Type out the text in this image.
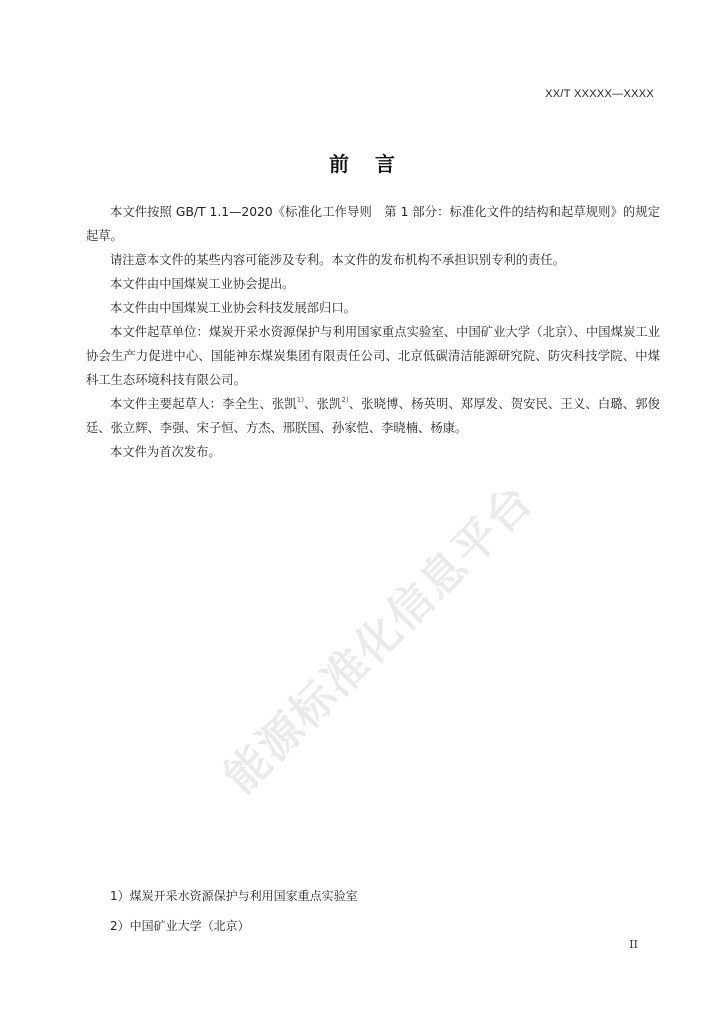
XX/T XXXXX—XXXX
前言

本文件按照 GB/T 1.1—2020《标准化工作导则　第 1 部分：标准化文件的结构和起草规则》的规定起草。

请注意本文件的某些内容可能涉及专利。本文件的发布机构不承担识别专利的责任。

本文件由中国煤炭工业协会提出。

本文件由中国煤炭工业协会科技发展部归口。

本文件起草单位：煤炭开采水资源保护与利用国家重点实验室、中国矿业大学（北京）、中国煤炭工业协会生产力促进中心、国能神东煤炭集团有限责任公司、北京低碳清洁能源研究院、防灾科技学院、中煤科工生态环境科技有限公司。

本文件主要起草人：李全生、张凯$^{1)}$、张凯$^{2)}$、张晓博、杨英明、郑厚发、贺安民、王义、白璐、郭俊廷、张立辉、李强、宋子恒、方杰、邢朕国、孙家恺、李晓楠、杨康。

本文件为首次发布。

能源标准化信息平台
1）煤炭开采水资源保护与利用国家重点实验室
2）中国矿业大学（北京）
II
